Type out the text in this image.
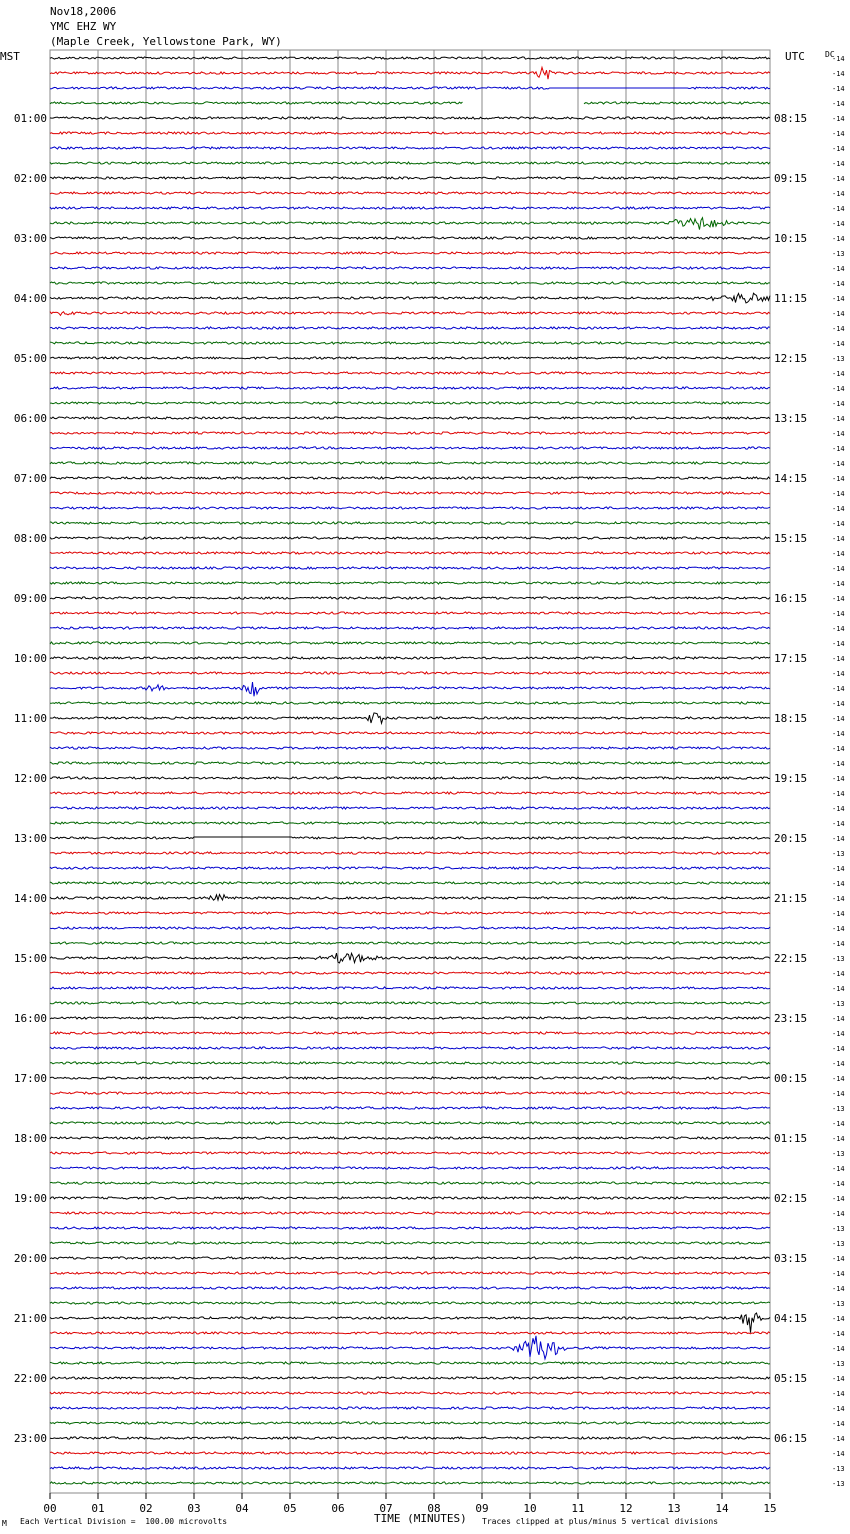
Nov18,2006
YMC EHZ WY
(Maple Creek, Yellowstone Park, WY)
MST	UTC	DC
01:00
02:00
03:00
04:00
05:00
06:00
07:00
08:00
09:00
10:00
11:00
12:00
13:00
14:00
15:00
16:00
17:00
18:00
19:00
20:00
21:00
22:00
23:00
08:15
09:15
10:15
11:15
12:15
13:15
14:15
15:15
16:15
17:15
18:15
19:15
20:15
21:15
22:15
23:15
00:15
01:15
02:15
03:15
04:15
05:15
06:15
-14
-14
-14
-14
-14
-14
-14
-14
-14
-14
-14
-14
-14
-13
-14
-14
-14
-14
-14
-14
-13
-14
-14
-14
-14
-14
-14
-14
-14
-14
-14
-14
-14
-14
-14
-14
-14
-14
-14
-14
-14
-14
-14
-14
-14
-14
-14
-14
-14
-14
-14
-14
-14
-13
-14
-14
-14
-14
-14
-14
-13
-14
-14
-13
-14
-14
-14
-14
-14
-14
-13
-14
-14
-13
-14
-14
-14
-14
-13
-13
-14
-14
-14
-13
-14
-14
-14
-13
-14
-14
-14
-14
-14
-14
-13
-13
00	01	02	03	04	05	06	07	08	09	10	11	12	13	14	15
M Each Vertical Division =  100.00 microvolts	TIME (MINUTES) Traces clipped at plus/minus 5 vertical divisions
